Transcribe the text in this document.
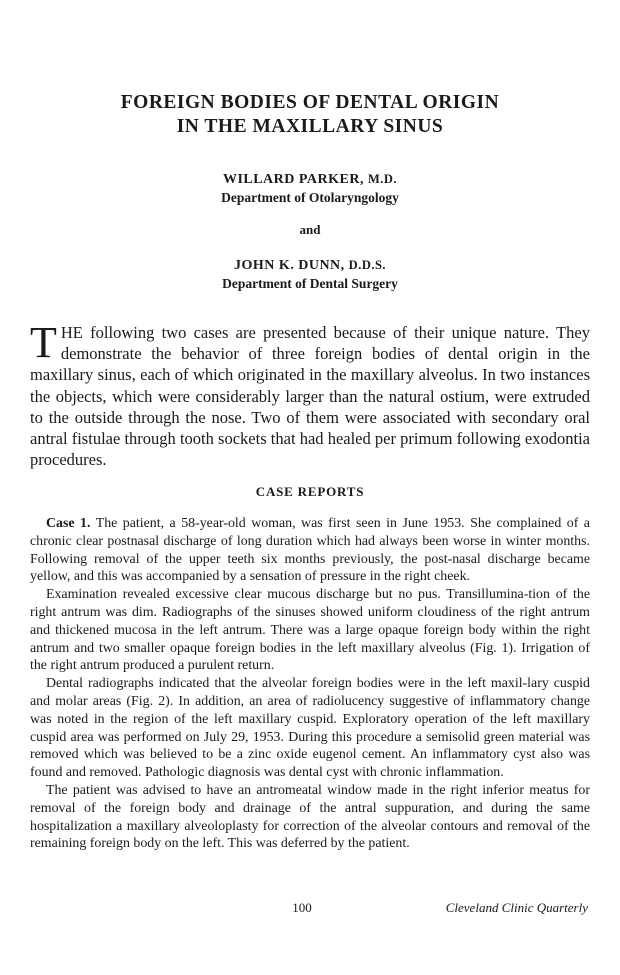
FOREIGN BODIES OF DENTAL ORIGIN
IN THE MAXILLARY SINUS
WILLARD PARKER, M.D.
Department of Otolaryngology
and
JOHN K. DUNN, D.D.S.
Department of Dental Surgery
THE following two cases are presented because of their unique nature. They demonstrate the behavior of three foreign bodies of dental origin in the maxillary sinus, each of which originated in the maxillary alveolus. In two instances the objects, which were considerably larger than the natural ostium, were extruded to the outside through the nose. Two of them were associated with secondary oral antral fistulae through tooth sockets that had healed per primum following exodontia procedures.
CASE REPORTS

Case 1. The patient, a 58-year-old woman, was first seen in June 1953. She complained of a chronic clear postnasal discharge of long duration which had always been worse in winter months. Following removal of the upper teeth six months previously, the post-nasal discharge became yellow, and this was accompanied by a sensation of pressure in the right cheek.

Examination revealed excessive clear mucous discharge but no pus. Transillumina-tion of the right antrum was dim. Radiographs of the sinuses showed uniform cloudiness of the right antrum and thickened mucosa in the left antrum. There was a large opaque foreign body within the right antrum and two smaller opaque foreign bodies in the left maxillary alveolus (Fig. 1). Irrigation of the right antrum produced a purulent return.

Dental radiographs indicated that the alveolar foreign bodies were in the left maxil-lary cuspid and molar areas (Fig. 2). In addition, an area of radiolucency suggestive of inflammatory change was noted in the region of the left maxillary cuspid. Exploratory operation of the left maxillary cuspid area was performed on July 29, 1953. During this procedure a semisolid green material was removed which was believed to be a zinc oxide eugenol cement. An inflammatory cyst also was found and removed. Pathologic diagnosis was dental cyst with chronic inflammation.

The patient was advised to have an antromeatal window made in the right inferior meatus for removal of the foreign body and drainage of the antral suppuration, and during the same hospitalization a maxillary alveoloplasty for correction of the alveolar contours and removal of the remaining foreign body on the left. This was deferred by the patient.

100	Cleveland Clinic Quarterly
